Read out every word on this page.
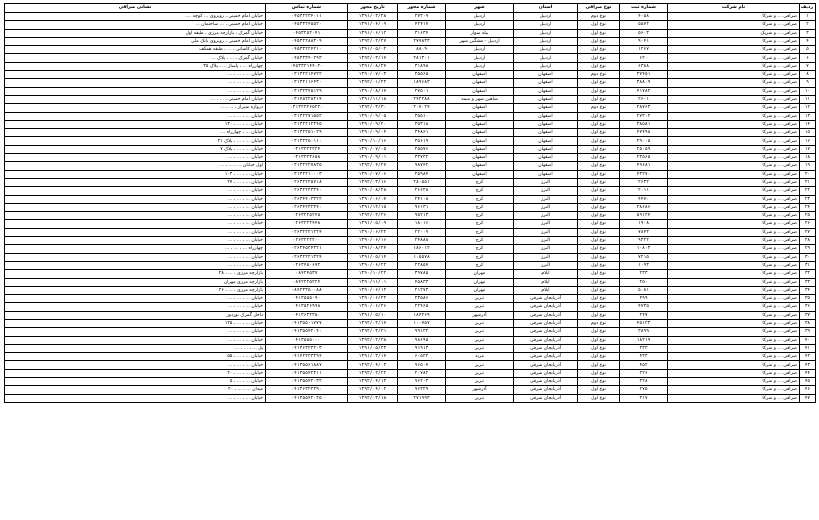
ردیف	نام شرکت	شماره ثبت	نوع صرافی	استان	شهر	شماره مجوز	تاریخ مجوز	شماره تماس	نشانی صرافی
۱	صرافی ... و شرکا	۴۰۵۸	نوع دوم	اردبیل	اردبیل	۲۷۳۰۹	۱۳۹۱/۰۳/۲۸	۰۴۵۳۲۲۳۴۰۱۱	خیابان امام خمینی ، روبروی ... کوچه ....
۲	صرافی ... و شرکا	۵۵۷۲	نوع اول	اردبیل	اردبیل	۴۲۴۱۷	۱۳۹۱/۰۴/۰۹	۰۴۵۳۳۲۴۵۵۲۰	خیابان امام خمینی ، ... ساختمان ...
۳	صرافی ... و شریک	۵۶۰۳	نوع اول	اردبیل	بیله سوار	۳۱۶۳۴	۱۳۹۱/۰۶/۱۲	۰۴۵۳۲۵۲۰۴۱	خیابان گمرک ، بازارچه مرزی ، طبقه اول
۴	صرافی ... و شرکا	۹۰۴۱	نوع اول	اردبیل	اردبیل - مشگین شهر	۲۷۷۸۳۳	۱۳۹۲/۰۲/۲۷	۰۴۵۳۲۲۸۸۳۰۹	خیابان امام خمینی ، روبروی بانک ملی
۵	صرافی ... و شرکا	۱۲۶۷	نوع اول	اردبیل	اردبیل	۸۸۰۹	۱۳۹۱/۰۵/۰۲	۰۴۵۳۳۲۲۴۲۱۰	خیابان کاشانی ، ... ، طبقه همکف
۶	صرافی ... و شرکا	۶۲۰	نوع اول	اردبیل	اردبیل	۲۸۱۳۰۱	۱۳۹۲/۰۳/۱۷	۰۴۵۳۳۳۴۰۲۹۳	خیابان گمرک ، ... ، پلاک ...
۷	صرافی ... و شرکا	۶۳۸۸	نوع اول	اردبیل	اردبیل	۳۱۸۹۸	۱۳۹۱/۰۸/۲۷	۰۴۵۳۳۲۱۴۴۰۲۰	چهارراه ... ، پاساژ ... ، پلاک ۳۵
۸	صرافی ... و شرکا	۳۷۴۵۱	نوع دوم	اصفهان	اصفهان	۲۵۵۶۵	۱۳۹۰/۰۷/۰۳	۰۳۱۳۲۲۱۴۷۲۲	خیابان ... ، ... ، ...
۹	صرافی ... و شرکا	۳۸۸۰۹	نوع اول	اصفهان	اصفهان	۱۸۹۶۸۳	۱۳۹۲/۰۱/۲۲	۰۳۱۳۲۱۱۶۴۳۰	خیابان ... ، ... ، ...
۱۰	صرافی ... و شرکا	۴۱۷۸۲	نوع اول	اصفهان	اصفهان	۲۷۵۰۱	۱۳۹۰/۰۸/۱۷	۰۳۱۳۲۳۴۵۱۲۹	خیابان ... ، ... ، ...
۱۱	صرافی ... و شرکا	۲۶۰۱	نوع اول	اصفهان	شاهین شهر و میمه	۲۴۲۲۸۸	۱۳۹۱/۱۱/۱۸	۰۳۱۴۵۲۲۸۲۱۴	خیابان امام خمینی ، ... ، ...
۱۲	صرافی ... و شرکا	۲۸۷۶۳	نوع دوم	اصفهان	اصفهان	۲۰۷۰۲۴	۱۳۹۲/۰۳/۳۰	۰۳۱۳۲۲۲۶۵۲۲۰	دروازه شیراز ، ... ، ...
۱۳	صرافی ... و شرکا	۲۷۳۰۲	نوع اول	اصفهان	اصفهان	۳۵۵۱۰	۱۳۹۰/۰۹/۰۵	۰۳۱۳۲۲۷۱۵۵۲	خیابان ... ، ... ، ...
۱۴	صرافی ... و شرکا	۳۸۵۸۱	نوع اول	اصفهان	اصفهان	۳۵۳۱۸	۱۳۹۰/۰۹/۲۰	۰۳۱۳۲۲۱۲۳۴۵	خیابان ... ، ... ، ۱۳۰
۱۵	صرافی ... و شرکا	۴۷۴۹۸	نوع اول	اصفهان	اصفهان	۳۴۸۶۱	۱۳۹۰/۰۹/۰۴	۰۳۱۳۲۲۵۱۰۲۹	خیابان ... ، چهارراه ...
۱۶	صرافی ... و شرکا	۲۹۰۰۵	نوع اول	اصفهان	اصفهان	۳۵۶۱۹	۱۳۹۰/۱۰/۱۶	۰۳۱۳۲۲۵۰۱۱۰	خیابان ... ، ... ، پلاک ۲۱
۱۷	صرافی ... و شرکا	۲۵۰۵۹	نوع اول	اصفهان	اصفهان	۲۵۵۷۶	۱۳۹۰/۰۷/۰۵	۰۳۱۳۲۲۲۲۲۴	خیابان ... ، ... ، پلاک ۷
۱۸	صرافی ... و شرکا	۲۳۵۶۵	نوع اول	اصفهان	اصفهان	۳۳۷۳۲	۱۳۹۰/۰۹/۰۱	۰۳۱۳۲۲۳۶۵۸	خیابان ... ، ... ، ...
۱۹	صرافی ... و شرکا	۴۹۶۸۱	نوع اول	اصفهان	اصفهان	۹۸۷۴۲	۱۳۹۲/۰۴/۲۷	۰۳۱۳۲۲۲۷۸۳۵	اول خیابان ... ، ... ، ...
۲۰	صرافی ... و شرکا	۴۳۲۷۰	نوع اول	اصفهان	اصفهان	۲۵۹۸۴	۱۳۹۰/۰۷/۰۶	۰۳۱۳۲۲۱۰۰۰۳	خیابان ... ، ... ، ۱۰۳
۲۱	صرافی ... و شرکا	۲۶۳۲	نوع اول	البرز	کرج	۲۸۰۵۵۱	۱۳۹۲/۰۳/۱۶	۰۲۶۳۲۲۲۵۷۱۸	خیابان ... ، ... ، ۲۷
۲۲	صرافی ... و شرکا	۲۰۱۱	نوع اول	البرز	کرج	۲۶۶۲۸	۱۳۹۰/۰۸/۲۸	۰۲۶۳۲۲۲۳۳۴۰	خیابان ... ، ... ، ...
۲۳	صرافی ... و شرکا	۴۴۷۰	نوع اول	البرز	کرج	۲۴۱۰۸	۱۳۹۰/۰۶/۰۷	۰۲۶۳۴۴۰۳۳۲۲	خیابان ... ، ... ، ...
۲۴	صرافی ... و شرکا	۲۸۶۸۶	نوع اول	البرز	کرج	۹۶۱۳۱	۱۳۹۱/۱۲/۱۵	۰۲۶۳۴۲۳۲۳۴۰	خیابان ... ، ... ، ...
۲۵	صرافی ... و شرکا	۵۹۱۲۴	نوع اول	البرز	کرج	۹۵۲۱۳	۱۳۹۲/۰۲/۲۶	۰۲۶۳۲۲۵۲۴۵	خیابان ... ، ... ، ...
۲۶	صرافی ... و شرکا	۱۹۰۸	نوع اول	البرز	کرج	۱۸۰۱۶	۱۳۹۱/۰۵/۰۹	۰۲۶۳۲۲۲۴۴۸	خیابان ... ، ... ، ...
۲۷	صرافی ... و شرکا	۷۸۴۳	نوع اول	البرز	کرج	۲۲۰۰۹	۱۳۹۰/۰۶/۲۲	۰۲۶۳۲۲۲۱۲۲۴	خیابان ... ، ... ، ...
۲۸	صرافی ... و شرکا	۹۳۲۲	نوع اول	البرز	کرج	۲۴۸۸۸	۱۳۹۰/۰۶/۱۶	۰۲۶۳۲۲۲۲۰۰	خیابان ... ، ... ، ...
۲۹	صرافی ... و شرکا	۱۰۸۰۳	نوع اول	البرز	کرج	۱۸۶۰۱۲	۱۳۹۱/۰۸/۲۴	۰۲۶۳۴۵۳۴۳۲۱	چهارراه ... ، ... ، ...
۳۰	صرافی ... و شرکا	۷۲۱۵	نوع اول	البرز	کرج	۱۰۵۵۷۸	۱۳۹۱/۰۵/۱۴	۰۲۶۳۲۲۲۱۳۲۴	خیابان ... ، ... ، ...
۳۱	صرافی ... و شرکا	۱۰۹۳	نوع اول	البرز	کرج	۲۲۸۵۷	۱۳۹۰/۰۶/۲۲	۰۲۶۳۴۵۰۶۷۲	خیابان ... ، ... ، ...
۳۲	صرافی ... و شرکا	۲۳۳	نوع اول	ایلام	مهران	۳۹۷۸۵	۱۳۹۰/۱۰/۲۲	۰۸۴۲۴۵۳۷	بازارچه مرزی ، ... ، ۲۸
۳۳	صرافی ... و شرکا	۲۵۰	نوع اول	ایلام	مهران	۴۵۸۳۳	۱۳۹۰/۱۱/۰۱	۰۸۴۲۲۲۵۲۲۴	بازارچه مرزی مهران
۳۴	صرافی ... و شرکا	۵۰۸۱	نوع اول	ایلام	مهران	۲۱۲۷۳	۱۳۹۰/۰۶/۱۲	۰۸۴۲۳۳۵۰۰۸۸	بازارچه مرزی ، ... ، ۲۶
۳۵	صرافی ... و شرکا	۴۹۹	نوع اول	آذربایجان شرقی	تبریز	۲۳۵۸۶	۱۳۹۰/۰۶/۲۲	۰۴۱۳۵۵۵۰۹۰	خیابان ... ، ... ، ...
۳۶	صرافی ... و شرکا	۴۷۳۵	نوع اول	آذربایجان شرقی	تبریز	۲۲۴۶۵	۱۳۹۰/۰۶/۲۶	۰۴۱۳۵۲۶۹۹۸	خیابان ... ، ... ، ...
۳۷	صرافی ... و شرکا	۲۴۷	نوع اول	آذربایجان شرقی	آذرشهر	۱۸۴۲۶۹	۱۳۹۱/۰۵/۱۰	۰۴۱۳۶۳۲۳۵۰	داخل گمرک نوردوز
۳۸	صرافی ... و شرکا	۴۵۱۲۳	نوع دوم	آذربایجان شرقی	تبریز	۱۰۰۷۵۷	۱۳۹۲/۰۲/۱۷	۰۴۱۳۵۵۰۱۷۷۷	خیابان ... ، ... ، ۱۲۵
۳۹	صرافی ... و شرکا	۳۸۹۹	نوع اول	آذربایجان شرقی	تبریز	۹۹۱۲۲	۱۳۹۲/۰۳/۲۱	۰۴۱۳۵۵۴۲۰۴۰	خیابان ... ، ... ، ...
۴۰	صرافی ... و شرکا	۱۸۲۱۹	نوع اول	آذربایجان شرقی	تبریز	۹۸۶۹۵	۱۳۹۲/۰۲/۲۸	۰۴۱۳۵۵۵۰۰۰	خیابان ... ، ... ، ...
۴۱	صرافی ... و شرکا	۳۳۳	نوع اول	آذربایجان شرقی	تبریز	۹۱۹۱۳	۱۳۹۱/۰۵/۲۳	۰۴۱۳۶۳۲۳۲۰۳	پل ... ، ... ، ...
۴۲	صرافی ... و شرکا	۴۳۳	نوع اول	آذربایجان شرقی	مرند	۶۰۵۲۲	۱۳۹۱/۰۳/۱۷	۰۴۱۴۲۲۲۳۲۹۴	خیابان ... ، ... ، ۵۵
۴۳	صرافی ... و شرکا	۴۵۲	نوع اول	آذربایجان شرقی	تبریز	۹۶۵۰۷	۱۳۹۲/۰۴/۰۳	۰۴۱۳۵۵۶۱۸۸۷	خیابان ... ، ... ، ...
۴۴	صرافی ... و شرکا	۲۲۶	نوع اول	آذربایجان شرقی	تبریز	۲۰۷۸۲	۱۳۹۲/۰۲/۲۲	۰۴۱۳۵۵۴۲۳۱۱	خیابان ... ، ... ، ۲۰
۴۵	صرافی ... و شرکا	۳۲۸	نوع اول	آذربایجان شرقی	تبریز	۹۶۲۰۳	۱۳۹۲/۰۴/۱۳	۰۴۱۳۵۵۴۲۰۳۲	خیابان ... ، ... ، ۵
۴۶	صرافی ... و شرکا	۲۷۵	نوع اول	آذربایجان شرقی	آذرشهر	۹۶۳۲۹	۱۳۹۲/۰۴/۰۲	۰۴۱۳۶۳۲۲۳۹۰	میدان ... ، ... ، ۲۰
۴۷	صرافی ... و شرکا	۳۱۷	نوع اول	آذربایجان شرقی	تبریز	۲۷۱۹۹۳	۱۳۹۲/۰۳/۱۸	۰۴۱۳۵۵۴۲۰۳۵	خیابان ... ، ... ، ...
